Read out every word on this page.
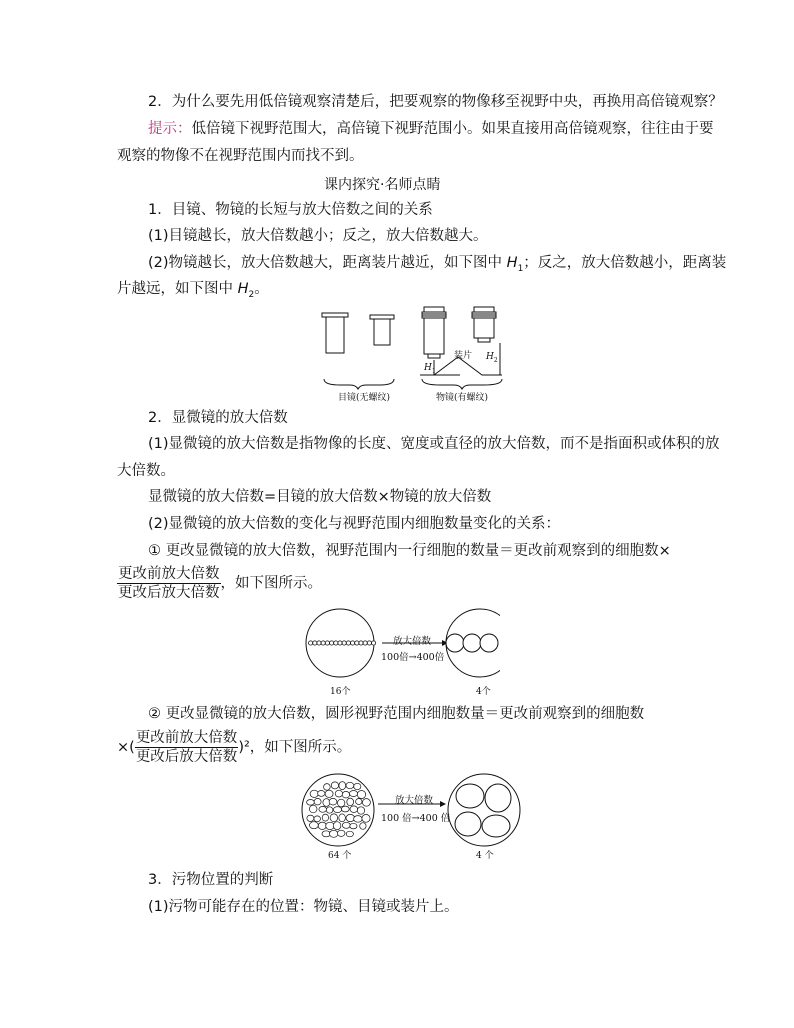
2．为什么要先用低倍镜观察清楚后，把要观察的物像移至视野中央，再换用高倍镜观察？
提示：低倍镜下视野范围大，高倍镜下视野范围小。如果直接用高倍镜观察，往往由于要
观察的物像不在视野范围内而找不到。
课内探究·名师点睛
1．目镜、物镜的长短与放大倍数之间的关系
(1)目镜越长，放大倍数越小；反之，放大倍数越大。
(2)物镜越长，放大倍数越大，距离装片越近，如下图中 $H_1$；反之，放大倍数越小，距离装
片越远，如下图中 $H_2$。
目镜(无螺纹)	物镜(有螺纹)
装片
$H_1$
$H_2$
2．显微镜的放大倍数
(1)显微镜的放大倍数是指物像的长度、宽度或直径的放大倍数，而不是指面积或体积的放
大倍数。
显微镜的放大倍数=目镜的放大倍数×物镜的放大倍数
(2)显微镜的放大倍数的变化与视野范围内细胞数量变化的关系：
① 更改显微镜的放大倍数，视野范围内一行细胞的数量＝更改前观察到的细胞数×
$\frac{\text{更改前放大倍数}}{\text{更改后放大倍数}}$ ，如下图所示。
放大倍数
100倍→400倍
16个	4个
② 更改显微镜的放大倍数，圆形视野范围内细胞数量＝更改前观察到的细胞数
×( $\frac{\text{更改前放大倍数}}{\text{更改后放大倍数}} )^2$，如下图所示。
放大倍数
100 倍→400 倍
64 个	4 个
3．污物位置的判断
(1)污物可能存在的位置：物镜、目镜或装片上。
